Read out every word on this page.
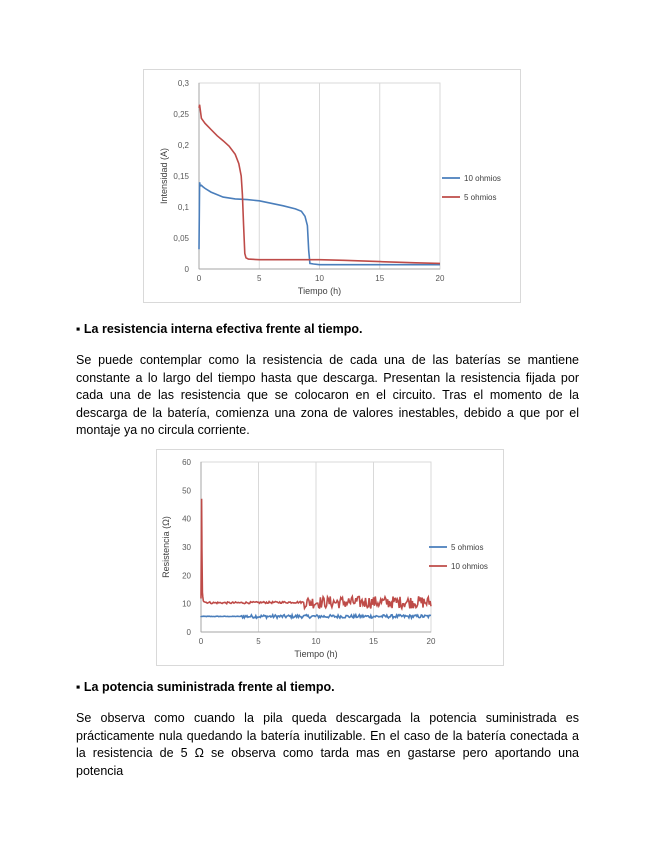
0	5	10	15	20
0
0,05
0,1
0,15
0,2
0,25
0,3
Tiempo (h)
Intensidad (A)	10 ohmios
5 ohmios
▪ La resistencia interna efectiva frente al tiempo.

Se puede contemplar como la resistencia de cada una de las baterías se mantiene constante a lo largo del tiempo hasta que descarga. Presentan la resistencia fijada por cada una de las resistencia que se colocaron en el circuito. Tras el momento de la descarga de la batería, comienza una zona de valores inestables, debido a que por el montaje ya no circula corriente.

0	5	10	15	20
0
10
20
30
40
50
60
Tiempo (h)
Resistencia (Ω)	5 ohmios
10 ohmios
▪ La potencia suministrada frente al tiempo.

Se observa como cuando la pila queda descargada la potencia suministrada es prácticamente nula quedando la batería inutilizable. En el caso de la batería conectada a la resistencia de 5 Ω se observa como tarda mas en gastarse pero aportando una potencia
